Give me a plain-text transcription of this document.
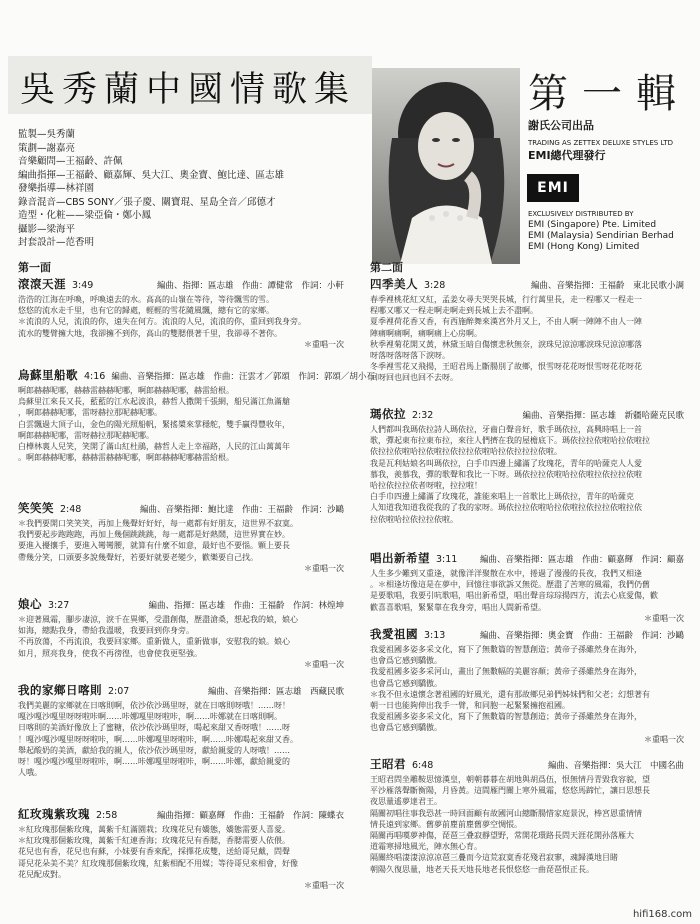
吳秀蘭中國情歌集	第一輯
謝氏公司出品
TRADING AS ZETTEX DELUXE STYLES LTD
EMI總代理發行
EMI
EXCLUSIVELY DISTRIBUTED BY
EMI (Singapore) Pte. Limited
EMI (Malaysia) Sendirian Berhad
EMI (Hong Kong) Limited
監製—吳秀蘭
策劃—謝嘉亮
音樂顧問—王福齡、許佩
編曲指揮—王福齡、顧嘉輝、吳大江、奧金寶、鮑比達、區志雄
發樂指導—林祥園
錄音混音—CBS SONY／張子慶、關寶琨、星島全音／邱德才
造型・化粧——梁亞倫・鄭小鳳
攝影—梁海平
封套設計—范香明
第一面	第二面
滾滾天涯 3:49	編曲、指揮：區志雄　作曲：譚健常　作詞：小軒

浩浩的江海在呼喚，呼喚遠去的水。高高的山嶺在等待，等待飄雪的雪。

悠悠的流水走千里，也有它的歸處，輕輕的雪花隨風飄，總有它的家鄉。

＊流浪的人兒，流浪的你，遠失在何方。流浪的人兒，流浪的你，重回到我身旁。

流水的雙臂擁大地，我卻擁不到你，高山的雙腮偎著千里，我卻尋不著你。

＊重唱一次
烏蘇里船歌 4:16 編曲、音樂指揮：區志雄　作曲：汪雲才／郭頌　作詞：郭頌／胡小石

啊郎赫赫呢哪，赫赫雷赫赫呢哪，啊郎赫赫呢哪，赫雷給根。

烏蘇里江來長又長，藍藍的江水起波浪，赫哲人撒開千張網，船兒滿江魚滿艙

，啊郎赫赫呢哪，雷呀赫拉那呢赫呢哪。

白雲飄過大頂子山，金色的陽光照船帆，緊搖槳來掌穩舵，雙手贏得豐收年，

啊郎赫赫呢哪，雷呀赫拉那呢赫呢哪。

白樺林裏人兒笑，笑開了滿山紅杜鵑，赫哲人走上幸福路，人民的江山萬萬年

。啊郎赫赫呢哪，赫赫雷赫赫呢哪，啊郎赫赫呢哪赫雷給根。

笑笑笑 2:48	編曲、音樂指揮：鮑比達　作曲：王福齡　作詞：沙鷗

＊我們要開口笑笑笑，再加上幾聲好好好，每一處都有好朋友，這世界不寂寞。

我們要起步跑跑跑，再加上幾個跳跳跳，每一處都是好熱鬧，這世界實在妙。

要進入擾攘手，要進入彎彎腰，就算有什麼不如意，最好也不要惱。顆上要長

帶幾分笑，口頭要多說幾聲好，若要好就要老變少，歡樂要自己找。

＊重唱一次
娘心 3:27	編曲、指揮：區志雄　作曲：王福齡　作詞：林煌坤

＊迎著風霜，腳步凄涼，淚千在異鄉，受盡創傷，歷盡滄桑，想起我的娘，娘心

如海，總點我身，帶給我溫暖，我要回到你身旁。

不再放蕩，不再流浪，我要回家鄉。重新做人，重新做事，安慰我的娘。娘心

如月，照亮我身，使我不再徬徨，也會使我更堅強。

＊重唱一次
我的家鄉日喀則 2:07	編曲、音樂指揮：區志雄　西藏民歌

我們美麗的家鄉就在日喀則啊，依沙依沙瑪里呀，就在日喀則呀哦！……呀！

嘎沙嘎沙嘎里呀呀啦咔啊……咔娜嘎里呀啦咔，啊……咔娜就在日喀則啊。

日喀則的美酒好像放上了蜜糖，依沙依沙瑪里呀，喝起來甜又香呀哦！……呀

！嘎沙嘎沙嘎里呀呀啦咔，啊……咔娜嘎里呀啦咔，啊……咔娜喝起來甜又香。

舉起酸奶的美酒，獻給我的親人，依沙依沙瑪里呀，獻給親愛的人呀哦！……

呀！嘎沙嘎沙嘎里呀啦咔，啊……咔娜嘎里呀啦咔，啊……咔娜，獻給親愛的

人哦。

紅玫瑰紫玫瑰 2:58	編曲指揮：顧嘉輝　作曲：王福齡　作詞：陳蝶衣

＊紅玫瑰那個紫玫瑰，萬紫千紅滿園栽；玫瑰花兒有嬌態，嬌態需要人喜愛。

＊紅玫瑰那個紫玫瑰，萬紫千紅連香海；玫瑰花兒有香腮，香腮需要人依偎。

花兒也有香，花兒也有蘇，小妹要有香來配，採擇花成雙，送給哥兒戴，問聲

哥兒花朵美不美？紅玫瑰那個紫玫瑰，紅紫相配不用媒；等待哥兒來相會，好像

花兒配成對。

＊重唱一次
四季美人 3:28	編曲、音樂指揮：王福齡　東北民歌小調

春季裡桃花紅又紅，孟姜女尋夫哭哭長城，行行萬里長，走一程哪又一程走一

程哪又哪又一程走啊走啊走到長城上去不盡啊。

夏季裡荷花香又香，有西施醉舞來漢宮外月又上，不由人啊一陣陣不由人一陣

陣痛啊痛啊，痛啊痛上心房啊。

秋季裡菊花開又黃，林黛玉暗自傷懷悲秋無奈，淚珠兒涼涼哪淚珠兒涼涼哪落

呀落呀落呀落下淚呀。

冬季裡雪花又飛揚，王昭君馬上斷腸別了故鄉，恨雪呀花花呀恨雪呀花花呀花

回呀回也回也回不去呀。

瑪依拉 2:32	編曲、音樂指揮：區志雄　新疆哈薩克民歌

人們都叫我瑪依拉詩人瑪依拉，牙齒白聲音好，歌手瑪依拉，高興時唱上一首

歌，彈起東布拉東布拉，來往人們擠在我的屋檐底下。瑪依拉拉依啦哈拉依啦拉

依拉拉依啦哈拉依啦拉依拉拉依啦哈拉依拉拉拉依啦。

我是瓦利姑娘名叫瑪依拉，白手巾四邊上繡滿了玫瑰花，青年的哈薩克人人愛

慕我，羨慕我，彈的歌聲和我比一下呀。瑪依拉拉依啦哈拉依啦拉依拉拉依啦

哈拉依拉拉依者呀啦，拉拉啦！

白手巾四邊上繡滿了玫瑰花，誰能來唱上一首歌比上瑪依拉，青年的哈薩克

人知道我知道我從我的了我的家呀。瑪依拉拉依啦哈拉依啦拉依拉拉依啦拉依

拉依啦哈拉依拉拉依啦。

唱出新希望 3:11	編曲、音樂指揮：區志雄　作曲：顧嘉輝　作詞：顧嘉

人生多少難到又重逢，就像洋洋聚散在水中，捲過了漫漫的長夜，我們又相逢

。＊相逢坊像這是在夢中，回憶往事欲訴又無從。歷盡了苦寒的風霜，我們仍舊

是要歌唱，我要引吭歌唱，唱出新希望，唱出聲音琮琮揚四方，流去心底愛傷，歡

歡喜喜歌唱，緊緊靠在我身旁，唱出人間新希望。

＊重唱一次
我愛祖國 3:13	編曲、音樂指揮：奧金寶　作曲：王福齡　作詞：沙鷗

我愛祖國多姿多采文化，寫下了無數篇的智慧創造；黃帝子孫雖然身在海外，

也會爲它感到驕傲。

我愛祖國多姿多采河山，畫出了無數幅的美麗容顏；黃帝子孫雖然身在海外，

也會爲它感到驕傲。

＊我不但永遠懷念著祖國的好風光，還有那故鄉兒弟們姊妹們和父老；幻想著有

朝一日也能夠伸出我手一臂，和同胞一起緊緊擁抱祖國。

我愛祖國多姿多采文化，寫下了無數篇的智慧創造；黃帝子孫雖然身在海外，

也會爲它感到驕傲。

＊重唱一次
王昭君 6:48	編曲、音樂指揮：吳大江　中國名曲

王昭君問坐雕鞍思憶漢皇，朝朝暮暮在胡地與胡爲伍，恨無情丹青毀我容貌，望

平沙雁落聲斷衡陽，月昏黃。這間雁門關上寒外風霜，悠悠馬蹄忙，讓日思想長

夜思量遙夢達君王。

隔關初唱往事我恐甚一時回面顧有故國河山總斷腸惜家庭景況，棒宮恩重情情

情長遠到家鄉。舊夢前塵前塵舊夢空惆悵。

隔關再唱嘆夢神傷，琵琶三叠寂靜望野，常開花環路長問天涯花開孙落雁大

道霜寒掃地風光，陣水無心育。

隔關終唱淒淒涼涼凉琶三疊而今這荒寂寞香花殘君寂寥，魂歸漢地目睹

朝陽久復思量，地老天長天地長地老長恨悠悠一曲琵琶恨正長。

hifi168.com
